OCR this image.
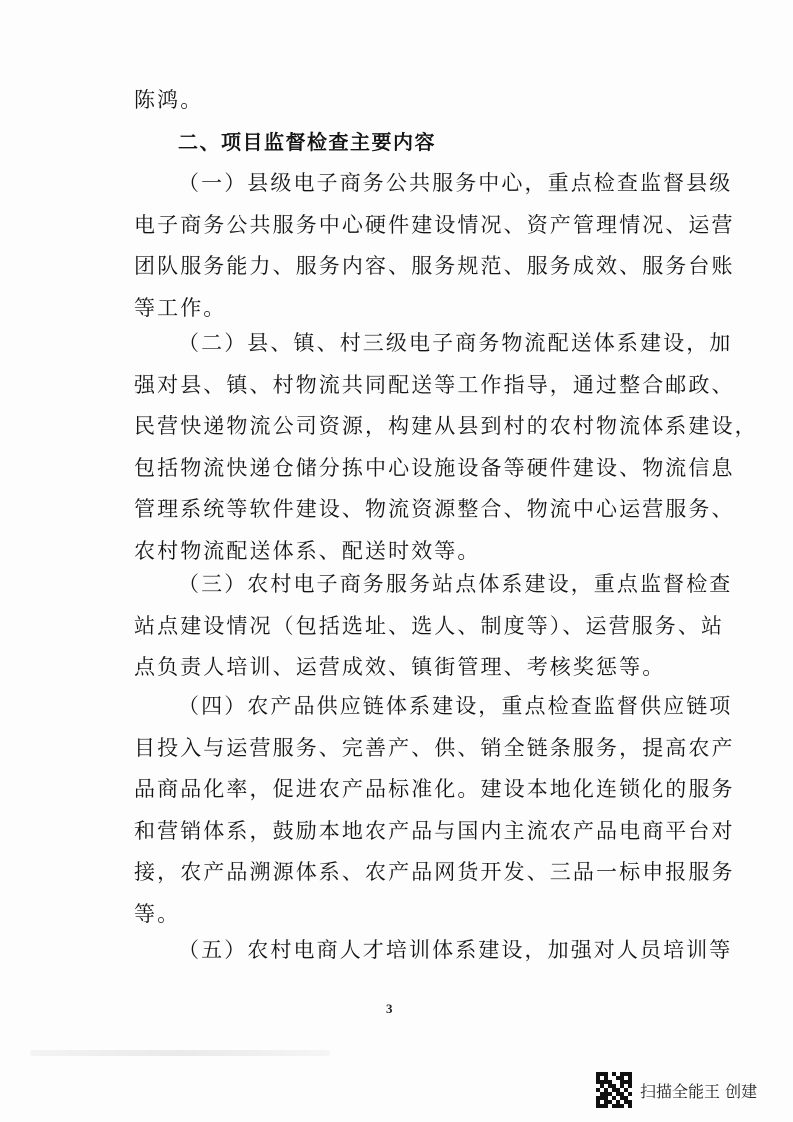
陈鸿。

二、项目监督检查主要内容

（一）县级电子商务公共服务中心，重点检查监督县级
电子商务公共服务中心硬件建设情况、资产管理情况、运营
团队服务能力、服务内容、服务规范、服务成效、服务台账
等工作。
（二）县、镇、村三级电子商务物流配送体系建设，加
强对县、镇、村物流共同配送等工作指导，通过整合邮政、
民营快递物流公司资源，构建从县到村的农村物流体系建设，
包括物流快递仓储分拣中心设施设备等硬件建设、物流信息
管理系统等软件建设、物流资源整合、物流中心运营服务、
农村物流配送体系、配送时效等。
（三）农村电子商务服务站点体系建设，重点监督检查
站点建设情况（包括选址、选人、制度等）、运营服务、站
点负责人培训、运营成效、镇街管理、考核奖惩等。
（四）农产品供应链体系建设，重点检查监督供应链项
目投入与运营服务、完善产、供、销全链条服务，提高农产
品商品化率，促进农产品标准化。建设本地化连锁化的服务
和营销体系，鼓励本地农产品与国内主流农产品电商平台对
接，农产品溯源体系、农产品网货开发、三品一标申报服务
等。
（五）农村电商人才培训体系建设，加强对人员培训等
3
扫描全能王 创建
